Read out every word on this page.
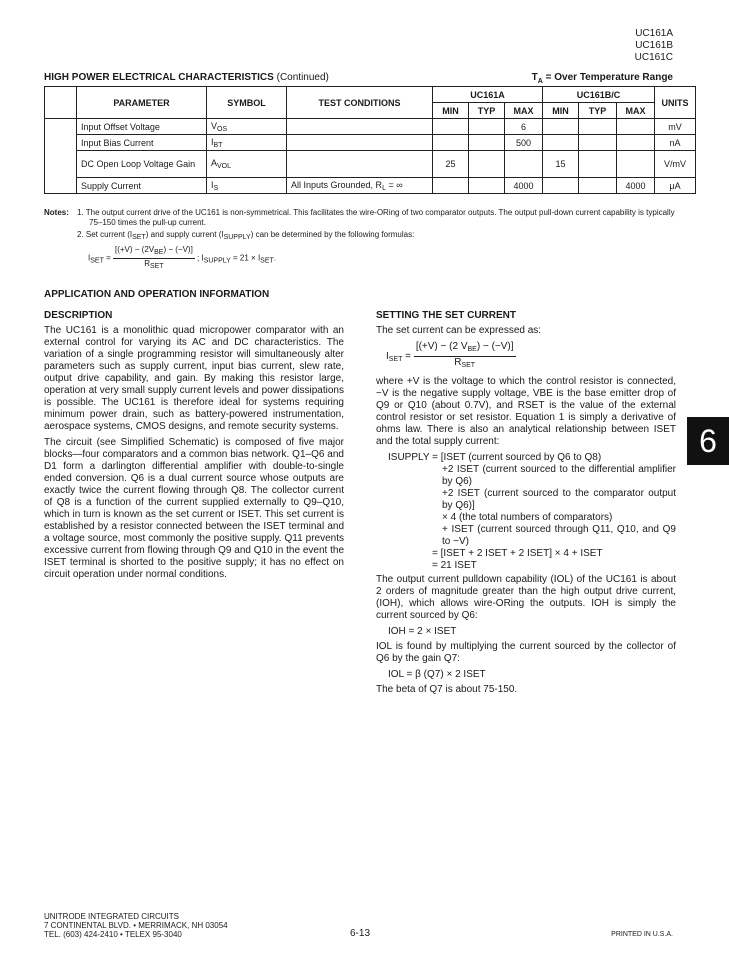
UC161A
UC161B
UC161C
HIGH POWER ELECTRICAL CHARACTERISTICS (Continued)	$T_A$ = Over Temperature Range
	PARAMETER	SYMBOL	TEST CONDITIONS	UC161A			UC161B/C			UNITS
				MIN	TYP	MAX	MIN	TYP	MAX	
	Input Offset Voltage	$V_{OS}$				6				mV
	Input Bias Current	$I_{BT}$				500				nA
	DC Open Loop Voltage Gain	$A_{VOL}$		25			15			V/mV
	Supply Current	$I_S$	All Inputs Grounded, $R_L$ = ∞			4000			4000	μA
Notes:	1. The output current drive of the UC161 is non-symmetrical. This facilitates the wire-ORing of two comparator outputs. The output pull-down current capability is typically 75–150 times the pull-up current.
2. Set current (ISET) and supply current (ISUPPLY) can be determined by the following formulas:
ISET = $\frac{\text{[(+V) − (2VBE) − (−V)]}}{\text{RSET}}$ ; ISUPPLY = 21 × ISET.
APPLICATION AND OPERATION INFORMATION
DESCRIPTION

The UC161 is a monolithic quad micropower comparator with an external control for varying its AC and DC characteristics. The variation of a single programming resistor will simultaneously alter parameters such as supply current, input bias current, slew rate, output drive capability, and gain. By making this resistor large, operation at very small supply current levels and power dissipations is possible. The UC161 is therefore ideal for systems requiring minimum power drain, such as battery-powered instrumentation, aerospace systems, CMOS designs, and remote security systems.

The circuit (see Simplified Schematic) is composed of five major blocks—four comparators and a common bias network. Q1–Q6 and D1 form a darlington differential amplifier with double-to-single ended conversion. Q6 is a dual current source whose outputs are exactly twice the current flowing through Q8. The collector current of Q8 is a function of the current supplied externally to Q9–Q10, which in turn is known as the set current or ISET. This set current is established by a resistor connected between the ISET terminal and a voltage source, most commonly the positive supply. Q11 prevents excessive current from flowing through Q9 and Q10 in the event the ISET terminal is shorted to the positive supply; it has no effect on circuit operation under normal conditions.

SETTING THE SET CURRENT

The set current can be expressed as:

$I_{SET} = \frac{[(+V) - (2 V_{BE}) - (-V)]}{R_{SET}}$

where +V is the voltage to which the control resistor is connected, −V is the negative supply voltage, VBE is the base emitter drop of Q9 or Q10 (about 0.7V), and RSET is the value of the external control resistor or set resistor. Equation 1 is simply a derivative of ohms law. There is also an analytical relationship between ISET and the total supply current:

ISUPPLY = [ISET (current sourced by Q6 to Q8)
+2 ISET (current sourced to the differential amplifier by Q6)
+2 ISET (current sourced to the comparator output by Q6)]
× 4 (the total numbers of comparators)
+ ISET (current sourced through Q11, Q10, and Q9 to −V)
= [ISET + 2 ISET + 2 ISET] × 4 + ISET
= 21 ISET

The output current pulldown capability (IOL) of the UC161 is about 2 orders of magnitude greater than the high output drive current, (IOH), which allows wire-ORing the outputs. IOH is simply the current sourced by Q6:

IOH = 2 × ISET

IOL is found by multiplying the current sourced by the collector of Q6 by the gain Q7:

IOL = β (Q7) × 2 ISET

The beta of Q7 is about 75-150.

6
UNITRODE INTEGRATED CIRCUITS
7 CONTINENTAL BLVD. • MERRIMACK, NH 03054
TEL. (603) 424-2410 • TELEX 95-3040	6-13	PRINTED IN U.S.A.
